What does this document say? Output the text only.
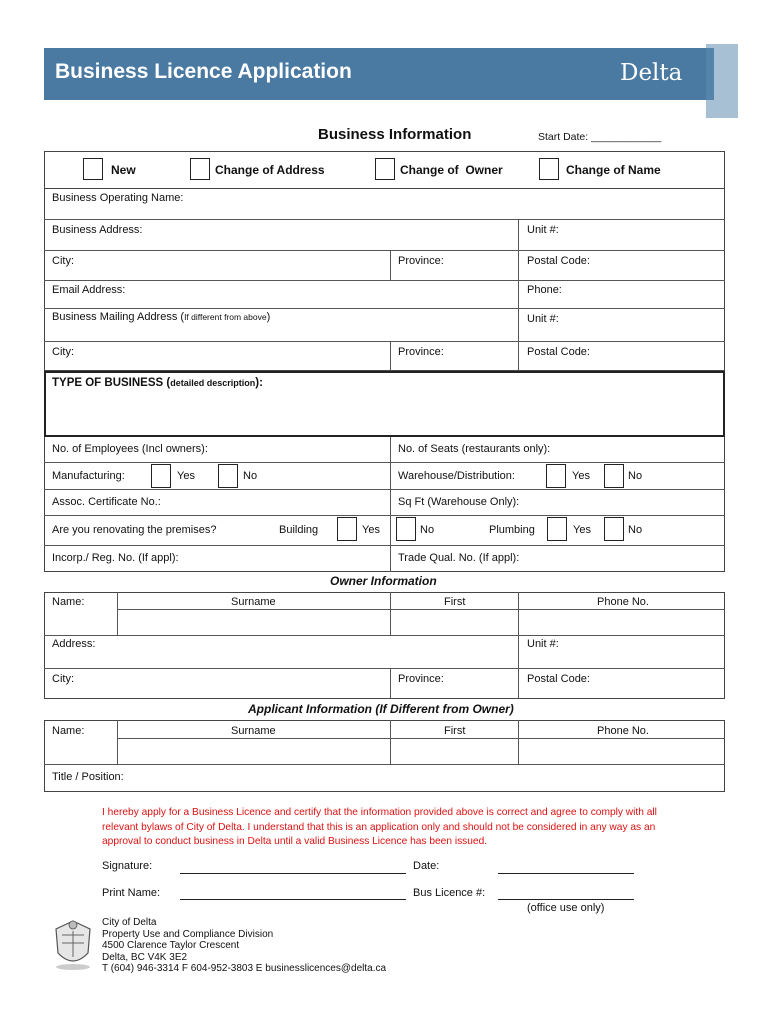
Business Licence Application	Delta
Business Information	Start Date: ____________
New	Change of Address	Change of  Owner	Change of Name
Business Operating Name:
Business Address:	Unit #:
City:	Province:	Postal Code:
Email Address:	Phone:
Business Mailing Address (If different from above)	Unit #:
City:	Province:	Postal Code:
TYPE OF BUSINESS (detailed description):
No. of Employees (Incl owners):	No. of Seats (restaurants only):
Manufacturing:	Yes	No	Warehouse/Distribution:	Yes	No
Assoc. Certificate No.:	Sq Ft (Warehouse Only):
Are you renovating the premises?	Building	Yes	No	Plumbing	Yes	No
Incorp./ Reg. No. (If appl):	Trade Qual. No. (If appl):
Owner Information
Name:	Surname	First	Phone No.
Address:	Unit #:
City:	Province:	Postal Code:
Applicant Information (If Different from Owner)
Name:	Surname	First	Phone No.
Title / Position:
I hereby apply for a Business Licence and certify that the information provided above is correct and agree to comply with all
relevant bylaws of City of Delta. I understand that this is an application only and should not be considered in any way as an
approval to conduct business in Delta until a valid Business Licence has been issued.
Signature:	Date:
Print Name:	Bus Licence #:
(office use only)
City of Delta
Property Use and Compliance Division
4500 Clarence Taylor Crescent
Delta, BC V4K 3E2
T (604) 946-3314 F 604-952-3803 E businesslicences@delta.ca
